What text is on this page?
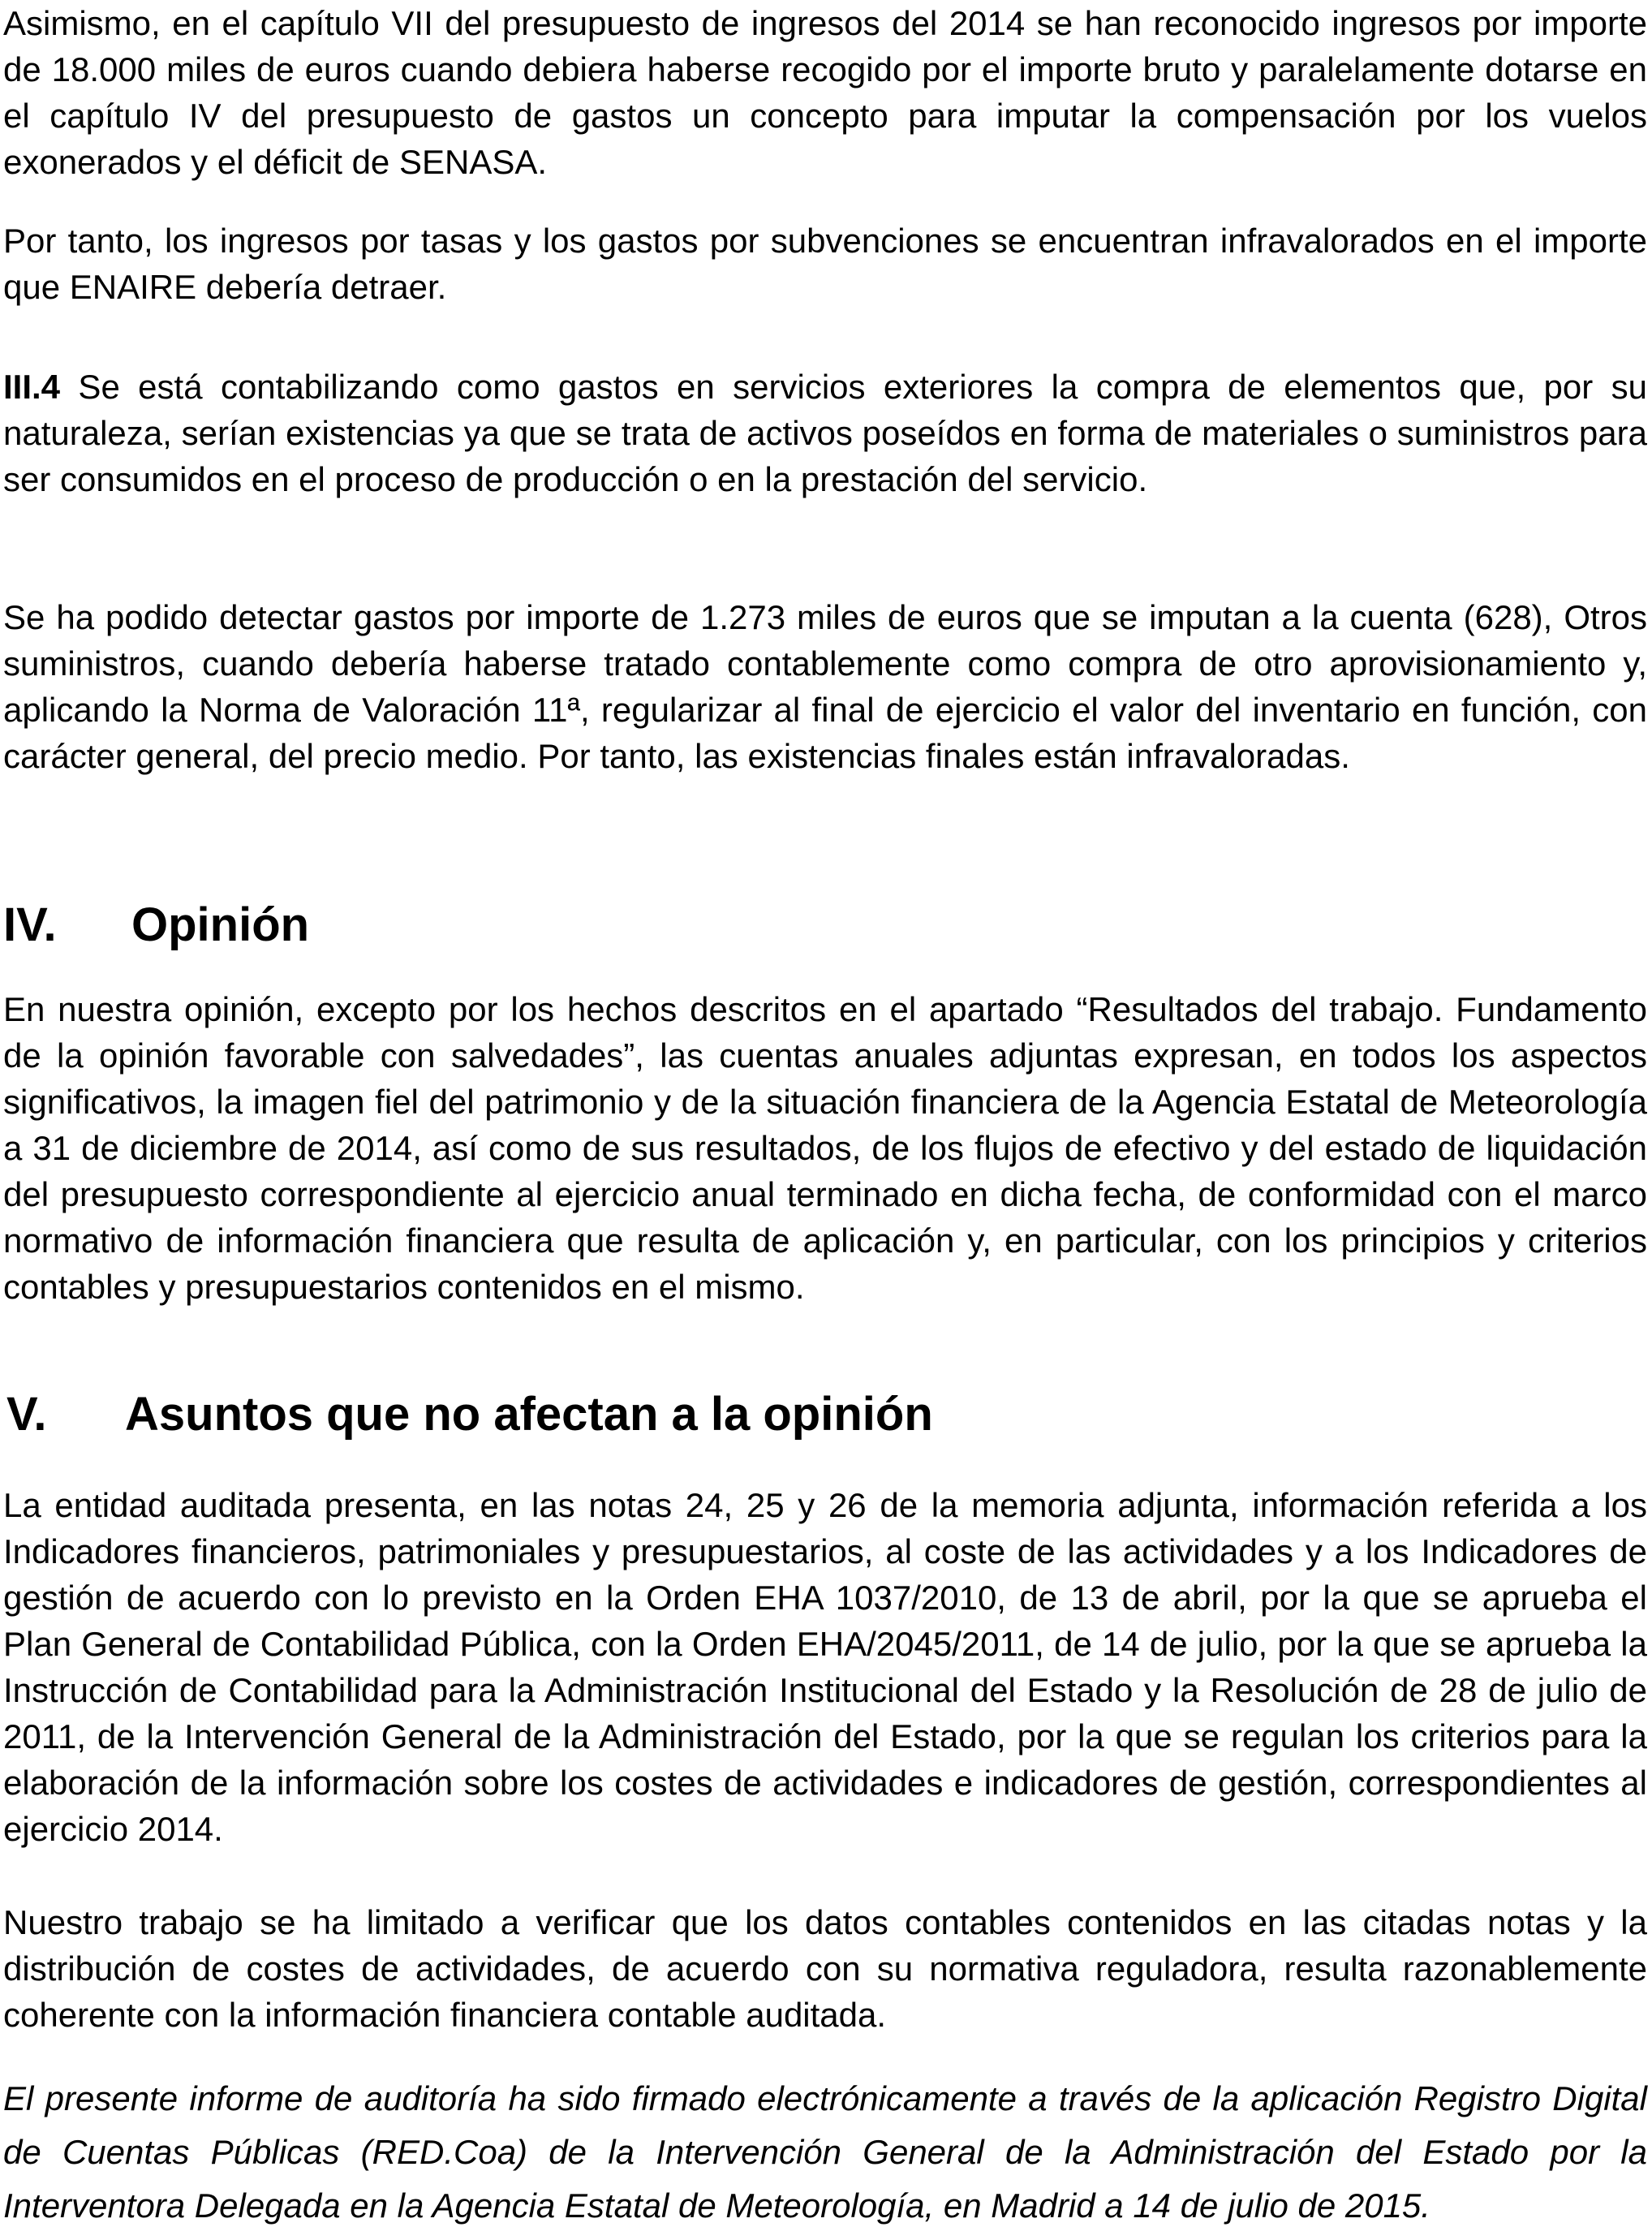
Asimismo, en el capítulo VII del presupuesto de ingresos del 2014 se han reconocido ingresos por importe de 18.000 miles de euros cuando debiera haberse recogido por el importe bruto y paralelamente dotarse en el capítulo IV del presupuesto de gastos un concepto para imputar la compensación por los vuelos exonerados y el déficit de SENASA.

Por tanto, los ingresos por tasas y los gastos por subvenciones se encuentran infravalorados en el importe que ENAIRE debería detraer.

III.4 Se está contabilizando como gastos en servicios exteriores la compra de elementos que, por su naturaleza, serían existencias ya que se trata de activos poseídos en forma de materiales o suministros para ser consumidos en el proceso de producción o en la prestación del servicio.

Se ha podido detectar gastos por importe de 1.273 miles de euros que se imputan a la cuenta (628), Otros suministros, cuando debería haberse tratado contablemente como compra de otro aprovisionamiento y, aplicando la Norma de Valoración 11ª, regularizar al final de ejercicio el valor del inventario en función, con carácter general, del precio medio. Por tanto, las existencias finales están infravaloradas.

IV. Opinión

En nuestra opinión, excepto por los hechos descritos en el apartado “Resultados del trabajo. Fundamento de la opinión favorable con salvedades”, las cuentas anuales adjuntas expresan, en todos los aspectos significativos, la imagen fiel del patrimonio y de la situación financiera de la Agencia Estatal de Meteorología a 31 de diciembre de 2014, así como de sus resultados, de los flujos de efectivo y del estado de liquidación del presupuesto correspondiente al ejercicio anual terminado en dicha fecha, de conformidad con el marco normativo de información financiera que resulta de aplicación y, en particular, con los principios y criterios contables y presupuestarios contenidos en el mismo.

V. Asuntos que no afectan a la opinión

La entidad auditada presenta, en las notas 24, 25 y 26 de la memoria adjunta, información referida a los Indicadores financieros, patrimoniales y presupuestarios, al coste de las actividades y a los Indicadores de gestión de acuerdo con lo previsto en la Orden EHA 1037/2010, de 13 de abril, por la que se aprueba el Plan General de Contabilidad Pública, con la Orden EHA/2045/2011, de 14 de julio, por la que se aprueba la Instrucción de Contabilidad para la Administración Institucional del Estado y la Resolución de 28 de julio de 2011, de la Intervención General de la Administración del Estado, por la que se regulan los criterios para la elaboración de la información sobre los costes de actividades e indicadores de gestión, correspondientes al ejercicio 2014.

Nuestro trabajo se ha limitado a verificar que los datos contables contenidos en las citadas notas y la distribución de costes de actividades, de acuerdo con su normativa reguladora, resulta razonablemente coherente con la información financiera contable auditada.

El presente informe de auditoría ha sido firmado electrónicamente a través de la aplicación Registro Digital de Cuentas Públicas (RED.Coa) de la Intervención General de la Administración del Estado por la Interventora Delegada en la Agencia Estatal de Meteorología, en Madrid a 14 de julio de 2015.
